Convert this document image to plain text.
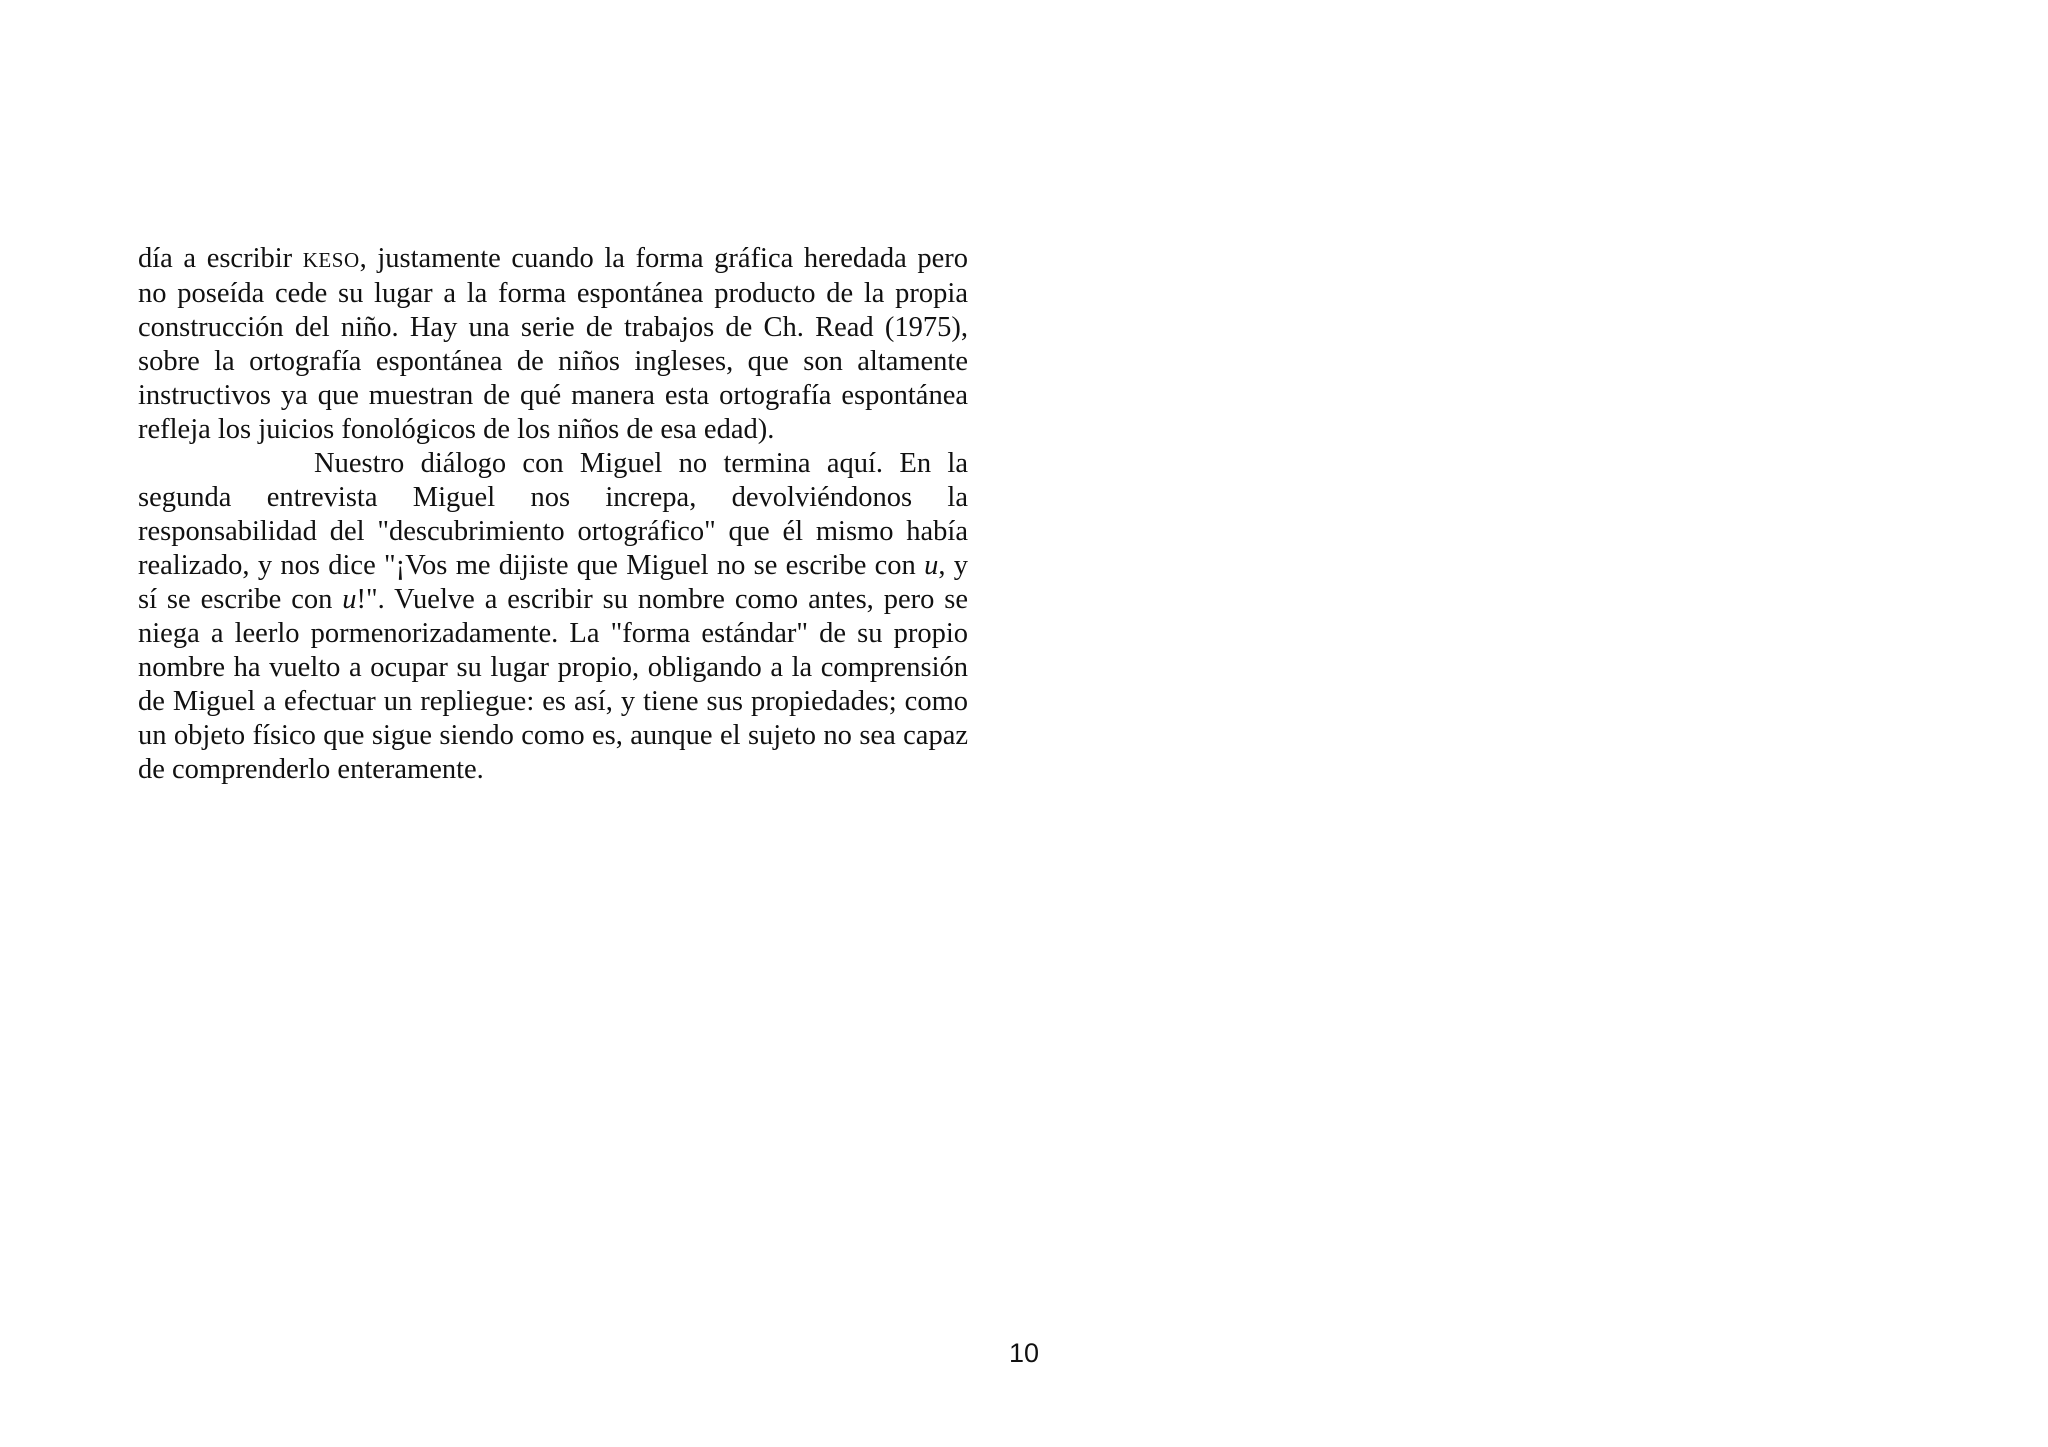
día a escribir KESO, justamente cuando la forma gráfica heredada pero no poseída cede su lugar a la forma espontánea producto de la propia construcción del niño. Hay una serie de trabajos de Ch. Read (1975), sobre la ortografía espontánea de niños ingleses, que son altamente instructivos ya que muestran de qué manera esta ortografía espontánea refleja los juicios fonológicos de los niños de esa edad).

Nuestro diálogo con Miguel no termina aquí. En la segunda entrevista Miguel nos increpa, devolviéndonos la responsabilidad del "descubrimiento ortográfico" que él mismo había realizado, y nos dice "¡Vos me dijiste que Miguel no se escribe con u, y sí se escribe con u!". Vuelve a escribir su nombre como antes, pero se niega a leerlo pormenorizadamente. La "forma estándar" de su propio nombre ha vuelto a ocupar su lugar propio, obligando a la comprensión de Miguel a efectuar un repliegue: es así, y tiene sus propiedades; como un objeto físico que sigue siendo como es, aunque el sujeto no sea capaz de comprenderlo enteramente.

10
